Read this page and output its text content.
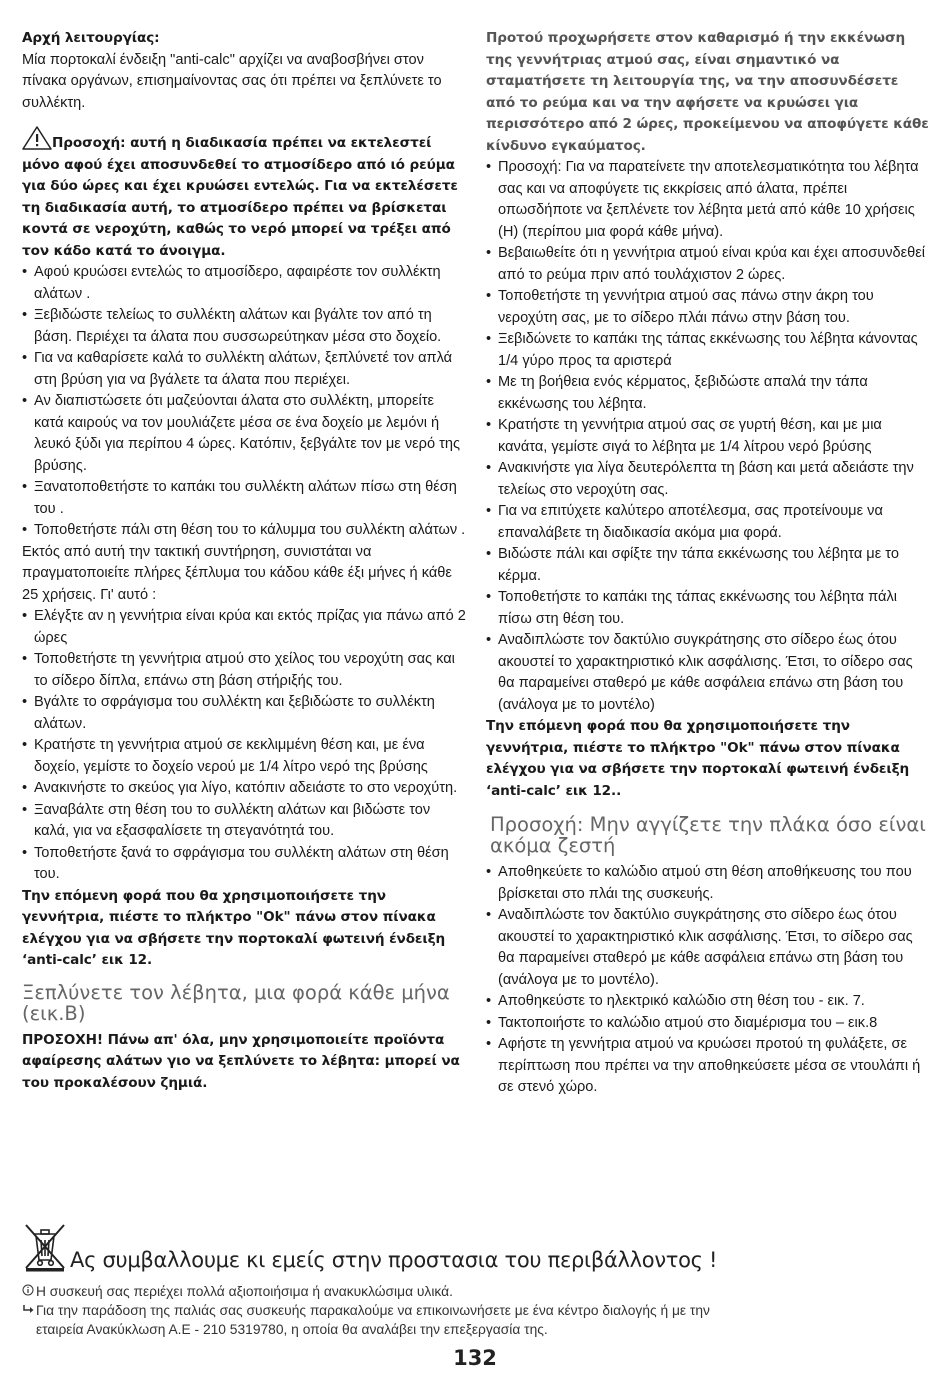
Αρχή λειτουργίας:

Μία πορτοκαλί ένδειξη "anti-calc" αρχίζει να αναβοσβήνει στον πίνακα οργάνων, επισημαίνοντας σας ότι πρέπει να ξεπλύνετε το συλλέκτη.

Προσοχή: αυτή η διαδικασία πρέπει να εκτελεστεί μόνο αφού έχει αποσυνδεθεί το ατμοσίδερο από ιό ρεύμα για δύο ώρες και έχει κρυώσει εντελώς. Για να εκτελέσετε τη διαδικασία αυτή, το ατμοσίδερο πρέπει να βρίσκεται κοντά σε νεροχύτη, καθώς το νερό μπορεί να τρέξει από τον κάδο κατά το άνοιγμα.

• Αφού κρυώσει εντελώς το ατμοσίδερο, αφαιρέστε τον συλλέκτη αλάτων .
• Ξεβιδώστε τελείως το συλλέκτη αλάτων και βγάλτε τον από τη βάση. Περιέχει τα άλατα που συσσωρεύτηκαν μέσα στο δοχείο.
• Για να καθαρίσετε καλά το συλλέκτη αλάτων, ξεπλύνετέ τον απλά στη βρύση για να βγάλετε τα άλατα που περιέχει.
• Αν διαπιστώσετε ότι μαζεύονται άλατα στο συλλέκτη, μπορείτε κατά καιρούς να τον μουλιάζετε μέσα σε ένα δοχείο με λεμόνι ή λευκό ξύδι για περίπου 4 ώρες. Κατόπιν, ξεβγάλτε τον με νερό της βρύσης.
• Ξανατοποθετήστε το καπάκι του συλλέκτη αλάτων πίσω στη θέση του .
• Τοποθετήστε πάλι στη θέση του το κάλυμμα του συλλέκτη αλάτων .

Εκτός από αυτή την τακτική συντήρηση, συνιστάται να πραγματοποιείτε πλήρες ξέπλυμα του κάδου κάθε έξι μήνες ή κάθε 25 χρήσεις. Γι' αυτό :

• Ελέγξτε αν η γεννήτρια είναι κρύα και εκτός πρίζας για πάνω από 2 ώρες
• Τοποθετήστε τη γεννήτρια ατμού στο χείλος του νεροχύτη σας και το σίδερο δίπλα, επάνω στη βάση στήριξής του.
• Βγάλτε το σφράγισμα του συλλέκτη και ξεβιδώστε το συλλέκτη αλάτων.
• Κρατήστε τη γεννήτρια ατμού σε κεκλιμμένη θέση και, με ένα δοχείο, γεμίστε το δοχείο νερού με 1/4 λίτρο νερό της βρύσης
• Ανακινήστε το σκεύος για λίγο, κατόπιν αδειάστε το στο νεροχύτη.
• Ξαναβάλτε στη θέση του το συλλέκτη αλάτων και βιδώστε τον καλά, για να εξασφαλίσετε τη στεγανότητά του.
• Τοποθετήστε ξανά το σφράγισμα του συλλέκτη αλάτων στη θέση του.

Την επόμενη φορά που θα χρησιμοποιήσετε την γεννήτρια, πιέστε το πλήκτρο "Ok" πάνω στον πίνακα ελέγχου για να σβήσετε την πορτοκαλί φωτεινή ένδειξη ‘anti-calc’ εικ 12.

Ξεπλύνετε τον λέβητα, μια φορά κάθε μήνα (εικ.B)

ΠΡΟΣΟΧΗ! Πάνω απ' όλα, μην χρησιμοποιείτε προϊόντα αφαίρεσης αλάτων γιο να ξεπλύνετε το λέβητα: μπορεί να του προκαλέσουν ζημιά.

Προτού προχωρήσετε στον καθαρισμό ή την εκκένωση της γεννήτριας ατμού σας, είναι σημαντικό να σταματήσετε τη λειτουργία της, να την αποσυνδέσετε από το ρεύμα και να την αφήσετε να κρυώσει για περισσότερο από 2 ώρες, προκείμενου να αποφύγετε κάθε κίνδυνο εγκαύματος.

• Προσοχή: Για να παρατείνετε την αποτελεσματικότητα του λέβητα σας και να αποφύγετε τις εκκρίσεις από άλατα, πρέπει οπωσδήποτε να ξεπλένετε τον λέβητα μετά από κάθε 10 χρήσεις (H) (περίπου μια φορά κάθε μήνα).
• Βεβαιωθείτε ότι η γεννήτρια ατμού είναι κρύα και έχει αποσυνδεθεί από το ρεύμα πριν από τουλάχιστον 2 ώρες.
• Τοποθετήστε τη γεννήτρια ατμού σας πάνω στην άκρη του νεροχύτη σας, με το σίδερο πλάι πάνω στην βάση του.
• Ξεβιδώνετε το καπάκι της τάπας εκκένωσης του λέβητα κάνοντας 1/4 γύρο προς τα αριστερά
• Με τη βοήθεια ενός κέρματος, ξεβιδώστε απαλά την τάπα εκκένωσης του λέβητα.
• Κρατήστε τη γεννήτρια ατμού σας σε γυρτή θέση, και με μια κανάτα, γεμίστε σιγά το λέβητα με 1/4 λίτρου νερό βρύσης
• Ανακινήστε για λίγα δευτερόλεπτα τη βάση και μετά αδειάστε την τελείως στο νεροχύτη σας.
• Για να επιτύχετε καλύτερο αποτέλεσμα, σας προτείνουμε να επαναλάβετε τη διαδικασία ακόμα μια φορά.
• Βιδώστε πάλι και σφίξτε την τάπα εκκένωσης του λέβητα με το κέρμα.
• Τοποθετήστε το καπάκι της τάπας εκκένωσης του λέβητα πάλι πίσω στη θέση του.
• Αναδιπλώστε τον δακτύλιο συγκράτησης στο σίδερο έως ότου ακουστεί το χαρακτηριστικό κλικ ασφάλισης. Έτσι, το σίδερο σας θα παραμείνει σταθερό με κάθε ασφάλεια επάνω στη βάση του (ανάλογα με το μοντέλο)

Την επόμενη φορά που θα χρησιμοποιήσετε την γεννήτρια, πιέστε το πλήκτρο "Ok" πάνω στον πίνακα ελέγχου για να σβήσετε την πορτοκαλί φωτεινή ένδειξη ‘anti-calc’ εικ 12..

Προσοχή: Μην αγγίζετε την πλάκα όσο είναι ακόμα ζεστή

• Αποθηκεύετε το καλώδιο ατμού στη θέση αποθήκευσης του που βρίσκεται στο πλάι της συσκευής.
• Αναδιπλώστε τον δακτύλιο συγκράτησης στο σίδερο έως ότου ακουστεί το χαρακτηριστικό κλικ ασφάλισης. Έτσι, το σίδερο σας θα παραμείνει σταθερό με κάθε ασφάλεια επάνω στη βάση του (ανάλογα με το μοντέλο).
• Αποθηκεύστε το ηλεκτρικό καλώδιο στη θέση του - εικ. 7.
• Τακτοποιήστε το καλώδιο ατμού στο διαμέρισμα του – εικ.8
• Αφήστε τη γεννήτρια ατμού να κρυώσει προτού τη φυλάξετε, σε περίπτωση που πρέπει να την αποθηκεύσετε μέσα σε ντουλάπι ή σε στενό χώρο.
Ας συμβαλλουμε κι εμείς στην προστασια του περιβάλλοντος !
Η συσκευή σας περιέχει πολλά αξιοποιήσιμα ή ανακυκλώσιμα υλικά.
Για την παράδοση της παλιάς σας συσκευής παρακαλούμε να επικοινωνήσετε με ένα κέντρο διαλογής ή με την
εταιρεία Ανακύκλωση Α.Ε - 210 5319780, η οποία θα αναλάβει την επεξεργασία της.
132
